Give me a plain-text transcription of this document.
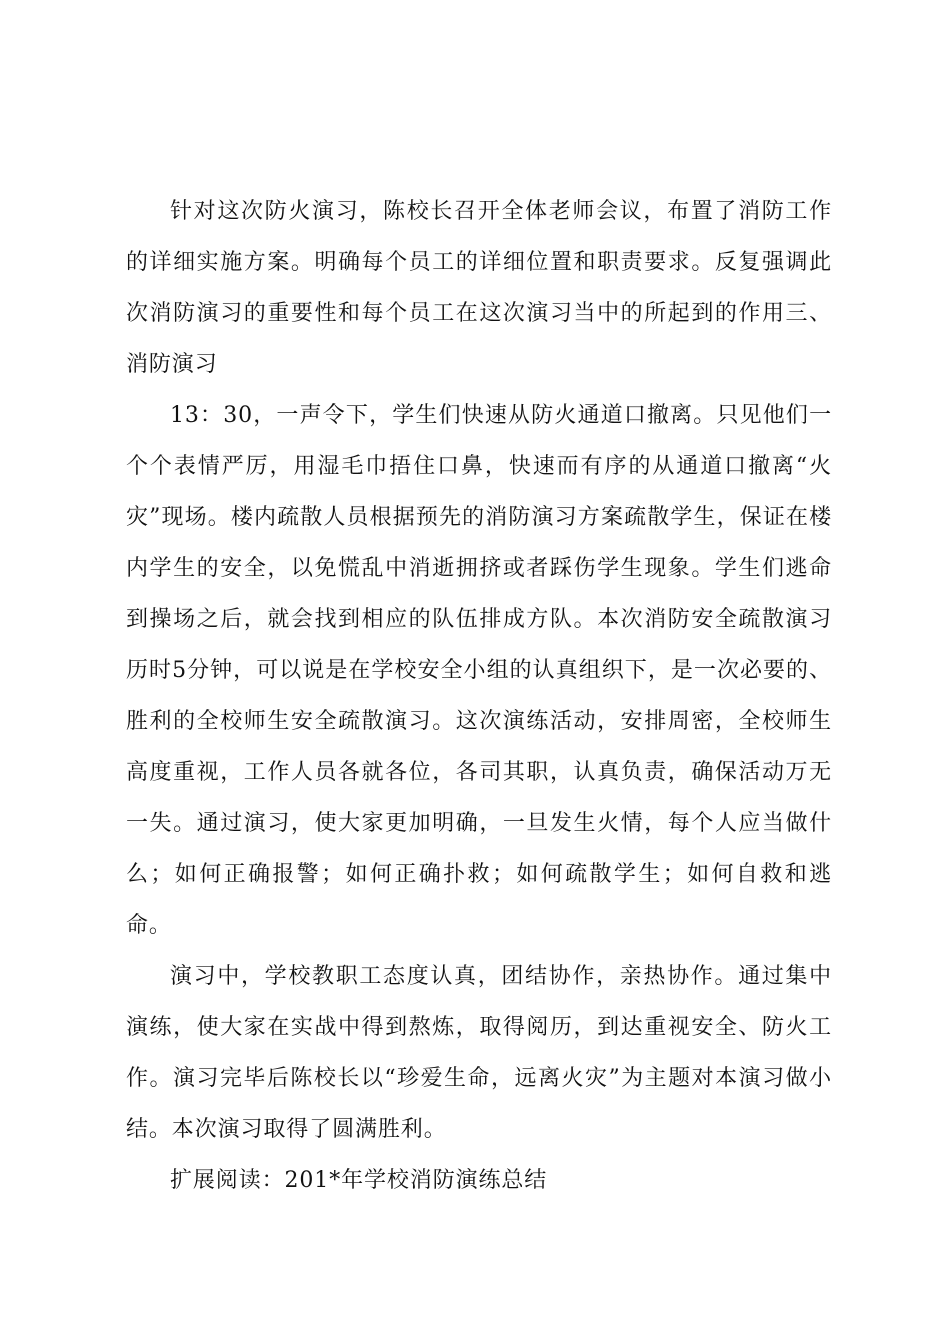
针对这次防火演习，陈校长召开全体老师会议，布置了消防工作的详细实施方案。明确每个员工的详细位置和职责要求。反复强调此次消防演习的重要性和每个员工在这次演习当中的所起到的作用三、消防演习

13：30，一声令下，学生们快速从防火通道口撤离。只见他们一个个表情严厉，用湿毛巾捂住口鼻，快速而有序的从通道口撤离“火灾”现场。楼内疏散人员根据预先的消防演习方案疏散学生，保证在楼内学生的安全，以免慌乱中消逝拥挤或者踩伤学生现象。学生们逃命到操场之后，就会找到相应的队伍排成方队。本次消防安全疏散演习历时5分钟，可以说是在学校安全小组的认真组织下，是一次必要的、胜利的全校师生安全疏散演习。这次演练活动，安排周密，全校师生高度重视，工作人员各就各位，各司其职，认真负责，确保活动万无一失。通过演习，使大家更加明确，一旦发生火情，每个人应当做什么；如何正确报警；如何正确扑救；如何疏散学生；如何自救和逃命。

演习中，学校教职工态度认真，团结协作，亲热协作。通过集中演练，使大家在实战中得到熬炼，取得阅历，到达重视安全、防火工作。演习完毕后陈校长以“珍爱生命，远离火灾”为主题对本演习做小结。本次演习取得了圆满胜利。

扩展阅读：201*年学校消防演练总结
